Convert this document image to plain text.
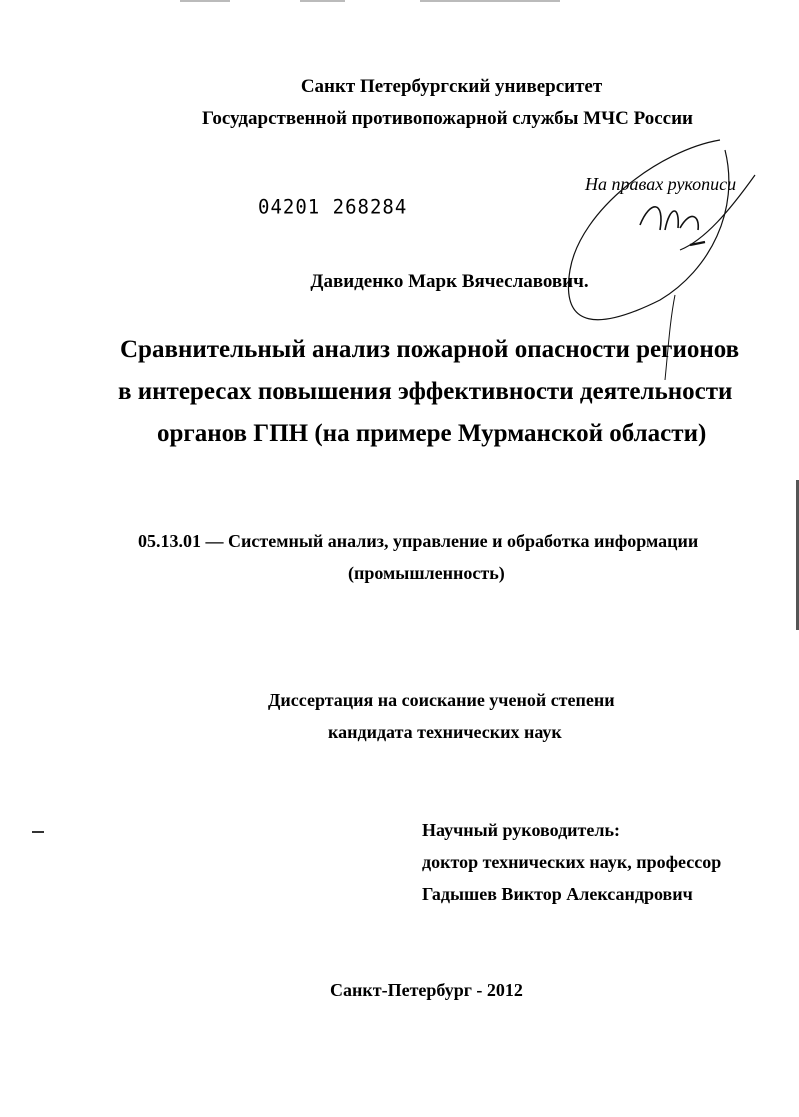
Санкт Петербургский университет
Государственной противопожарной службы МЧС России
На правах рукописи
04201 268284
Давиденко Марк Вячеславович.
Сравнительный анализ пожарной опасности регионов
в интересах повышения эффективности деятельности
органов ГПН (на примере Мурманской области)
05.13.01 — Системный анализ, управление и обработка информации
(промышленность)
Диссертация на соискание ученой степени
кандидата технических наук
Научный руководитель:
доктор технических наук, профессор
Гадышев Виктор Александрович
Санкт-Петербург - 2012
